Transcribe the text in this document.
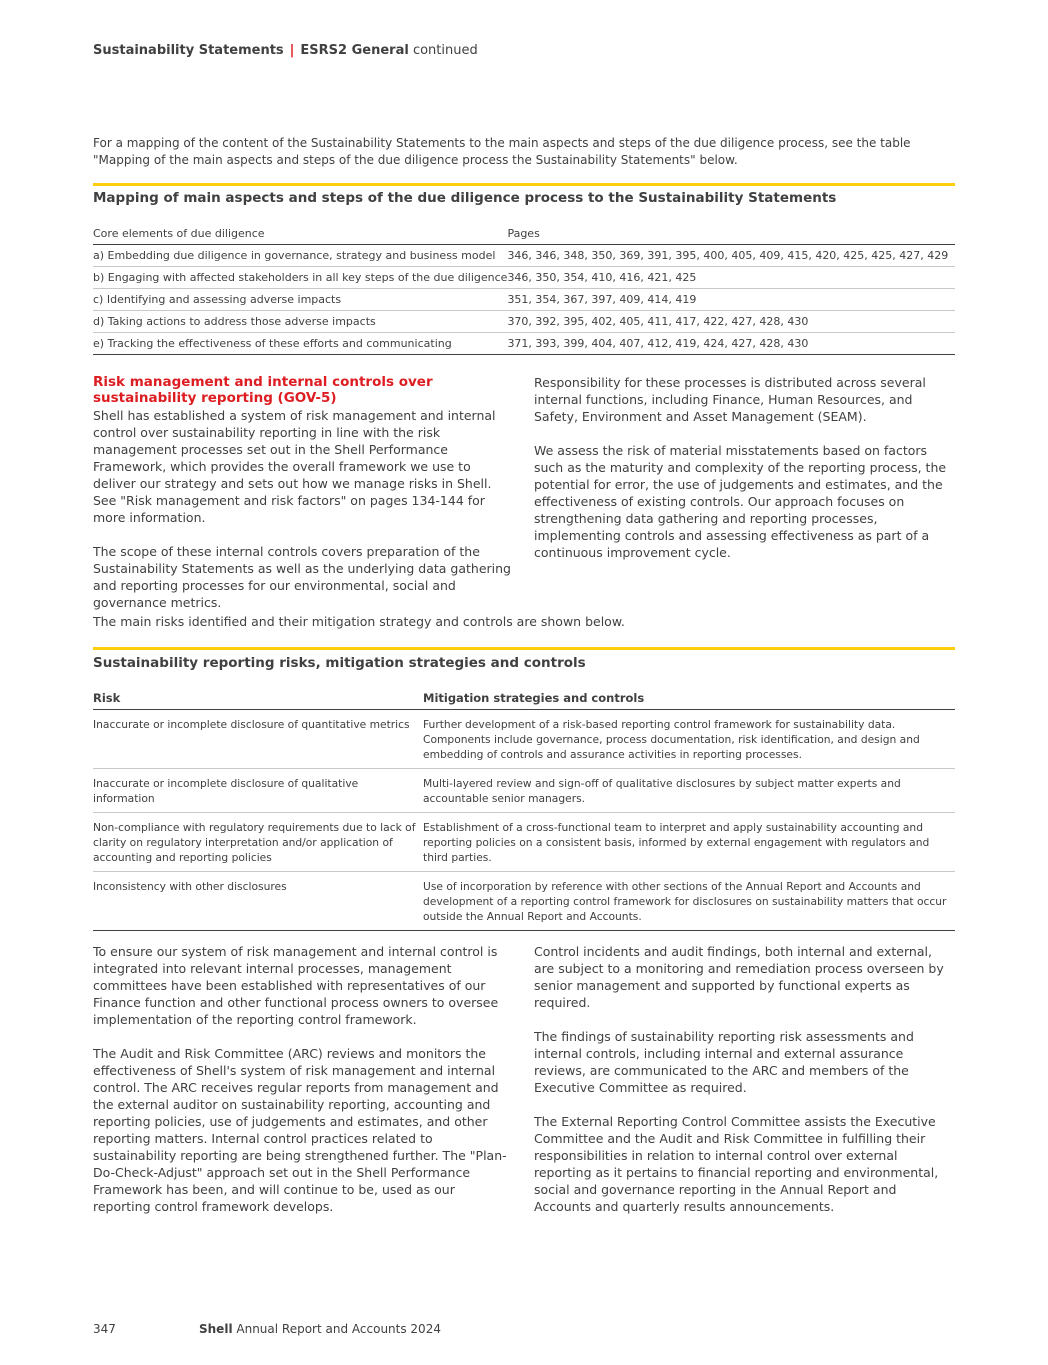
Sustainability Statements | ESRS2 General continued

For a mapping of the content of the Sustainability Statements to the main aspects and steps of the due diligence process, see the table "Mapping of the main aspects and steps of the due diligence process the Sustainability Statements" below.

Mapping of main aspects and steps of the due diligence process to the Sustainability Statements
Core elements of due diligence	Pages
a) Embedding due diligence in governance, strategy and business model	346, 346, 348, 350, 369, 391, 395, 400, 405, 409, 415, 420, 425, 425, 427, 429
b) Engaging with affected stakeholders in all key steps of the due diligence	346, 350, 354, 410, 416, 421, 425
c) Identifying and assessing adverse impacts	351, 354, 367, 397, 409, 414, 419
d) Taking actions to address those adverse impacts	370, 392, 395, 402, 405, 411, 417, 422, 427, 428, 430
e) Tracking the effectiveness of these efforts and communicating	371, 393, 399, 404, 407, 412, 419, 424, 427, 428, 430
Risk management and internal controls over sustainability reporting (GOV-5)

Shell has established a system of risk management and internal control over sustainability reporting in line with the risk management processes set out in the Shell Performance Framework, which provides the overall framework we use to deliver our strategy and sets out how we manage risks in Shell. See "Risk management and risk factors" on pages 134-144 for more information.

The scope of these internal controls covers preparation of the Sustainability Statements as well as the underlying data gathering and reporting processes for our environmental, social and governance metrics.

Responsibility for these processes is distributed across several internal functions, including Finance, Human Resources, and Safety, Environment and Asset Management (SEAM).

We assess the risk of material misstatements based on factors such as the maturity and complexity of the reporting process, the potential for error, the use of judgements and estimates, and the effectiveness of existing controls. Our approach focuses on strengthening data gathering and reporting processes, implementing controls and assessing effectiveness as part of a continuous improvement cycle.

The main risks identified and their mitigation strategy and controls are shown below.
Sustainability reporting risks, mitigation strategies and controls
Risk	Mitigation strategies and controls
Inaccurate or incomplete disclosure of quantitative metrics	Further development of a risk-based reporting control framework for sustainability data. Components include governance, process documentation, risk identification, and design and embedding of controls and assurance activities in reporting processes.
Inaccurate or incomplete disclosure of qualitative information	Multi-layered review and sign-off of qualitative disclosures by subject matter experts and accountable senior managers.
Non-compliance with regulatory requirements due to lack of clarity on regulatory interpretation and/or application of accounting and reporting policies	Establishment of a cross-functional team to interpret and apply sustainability accounting and reporting policies on a consistent basis, informed by external engagement with regulators and third parties.
Inconsistency with other disclosures	Use of incorporation by reference with other sections of the Annual Report and Accounts and development of a reporting control framework for disclosures on sustainability matters that occur outside the Annual Report and Accounts.

To ensure our system of risk management and internal control is integrated into relevant internal processes, management committees have been established with representatives of our Finance function and other functional process owners to oversee implementation of the reporting control framework.

The Audit and Risk Committee (ARC) reviews and monitors the effectiveness of Shell's system of risk management and internal control. The ARC receives regular reports from management and the external auditor on sustainability reporting, accounting and reporting policies, use of judgements and estimates, and other reporting matters. Internal control practices related to sustainability reporting are being strengthened further. The "Plan-Do-Check-Adjust" approach set out in the Shell Performance Framework has been, and will continue to be, used as our reporting control framework develops.

Control incidents and audit findings, both internal and external, are subject to a monitoring and remediation process overseen by senior management and supported by functional experts as required.

The findings of sustainability reporting risk assessments and internal controls, including internal and external assurance reviews, are communicated to the ARC and members of the Executive Committee as required.

The External Reporting Control Committee assists the Executive Committee and the Audit and Risk Committee in fulfilling their responsibilities in relation to internal control over external reporting as it pertains to financial reporting and environmental, social and governance reporting in the Annual Report and Accounts and quarterly results announcements.

347	Shell Annual Report and Accounts 2024
